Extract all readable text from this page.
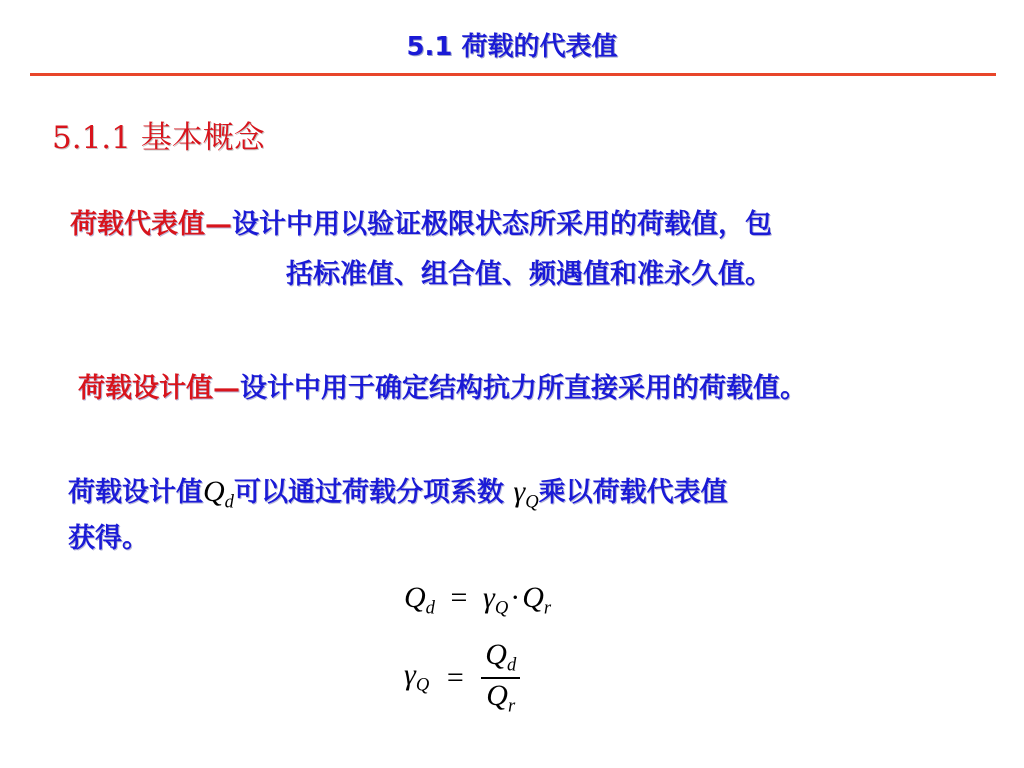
5.1 荷载的代表值
5.1.1 基本概念
荷载代表值—设计中用以验证极限状态所采用的荷载值，包
括标准值、组合值、频遇值和准永久值。
荷载设计值—设计中用于确定结构抗力所直接采用的荷载值。
荷载设计值$Q_d$可以通过荷载分项系数 $\gamma_Q$乘以荷载代表值
获得。
$Q_d = \gamma_Q\cdot Q_r$
$\gamma_Q = \frac{Q_d}{Q_r}$
